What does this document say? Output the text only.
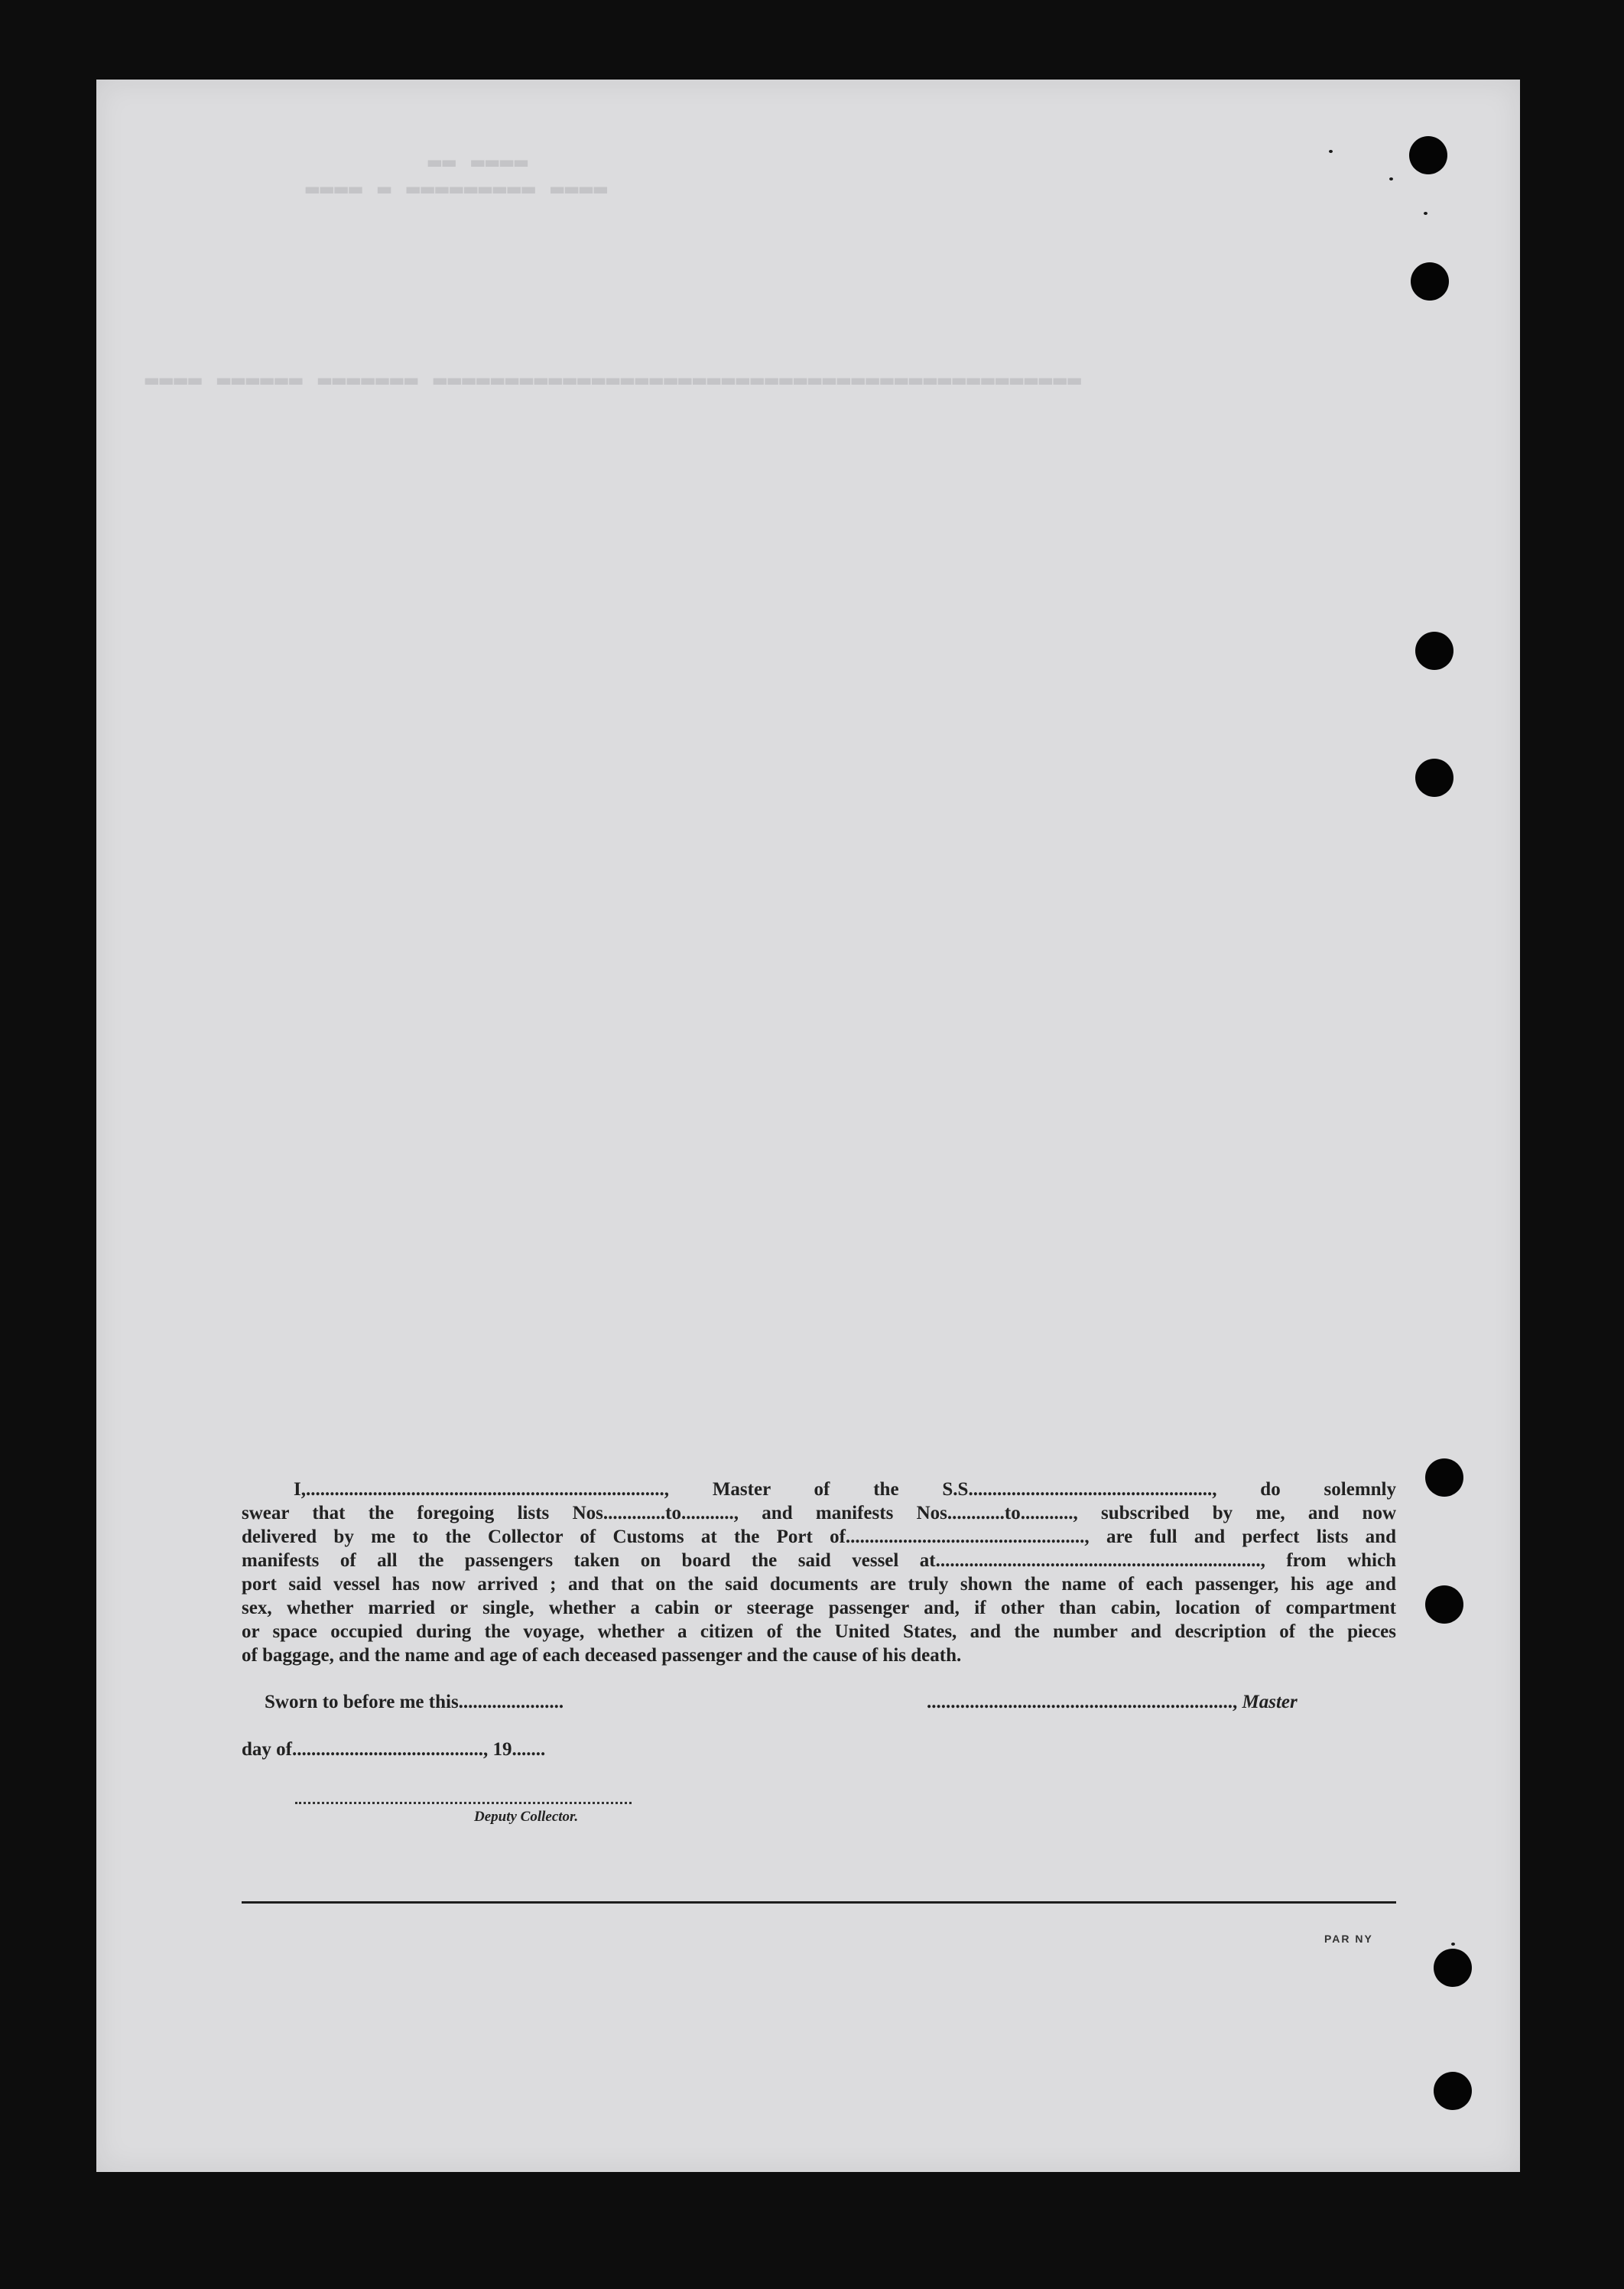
▂▂▂▂ ▂ ▂▂▂▂▂▂▂▂▂ ▂▂▂▂
▂▂ ▂▂▂▂
▂▂▂▂ ▂▂▂▂▂▂ ▂▂▂▂▂▂▂ ▂▂▂▂▂▂▂▂▂▂▂▂▂▂▂▂▂▂▂▂▂▂▂▂▂▂▂▂▂▂▂▂▂▂▂▂▂▂▂▂▂▂▂▂▂
I,..........................................................................., Master of the S.S..................................................., do solemnly
swear that the foregoing lists Nos.............to..........., and manifests Nos............to..........., subscribed by me, and now
delivered by me to the Collector of Customs at the Port of.................................................., are full and perfect lists and
manifests of all the passengers taken on board the said vessel at...................................................................., from which
port said vessel has now arrived ; and that on the said documents are truly shown the name of each passenger, his age and
sex, whether married or single, whether a cabin or steerage passenger and, if other than cabin, location of compartment
or space occupied during the voyage, whether a citizen of the United States, and the number and description of the pieces
of baggage, and the name and age of each deceased passenger and the cause of his death.
Sworn to before me this......................	................................................................, Master
day of........................................, 19.......
Deputy Collector.
PAR NY
